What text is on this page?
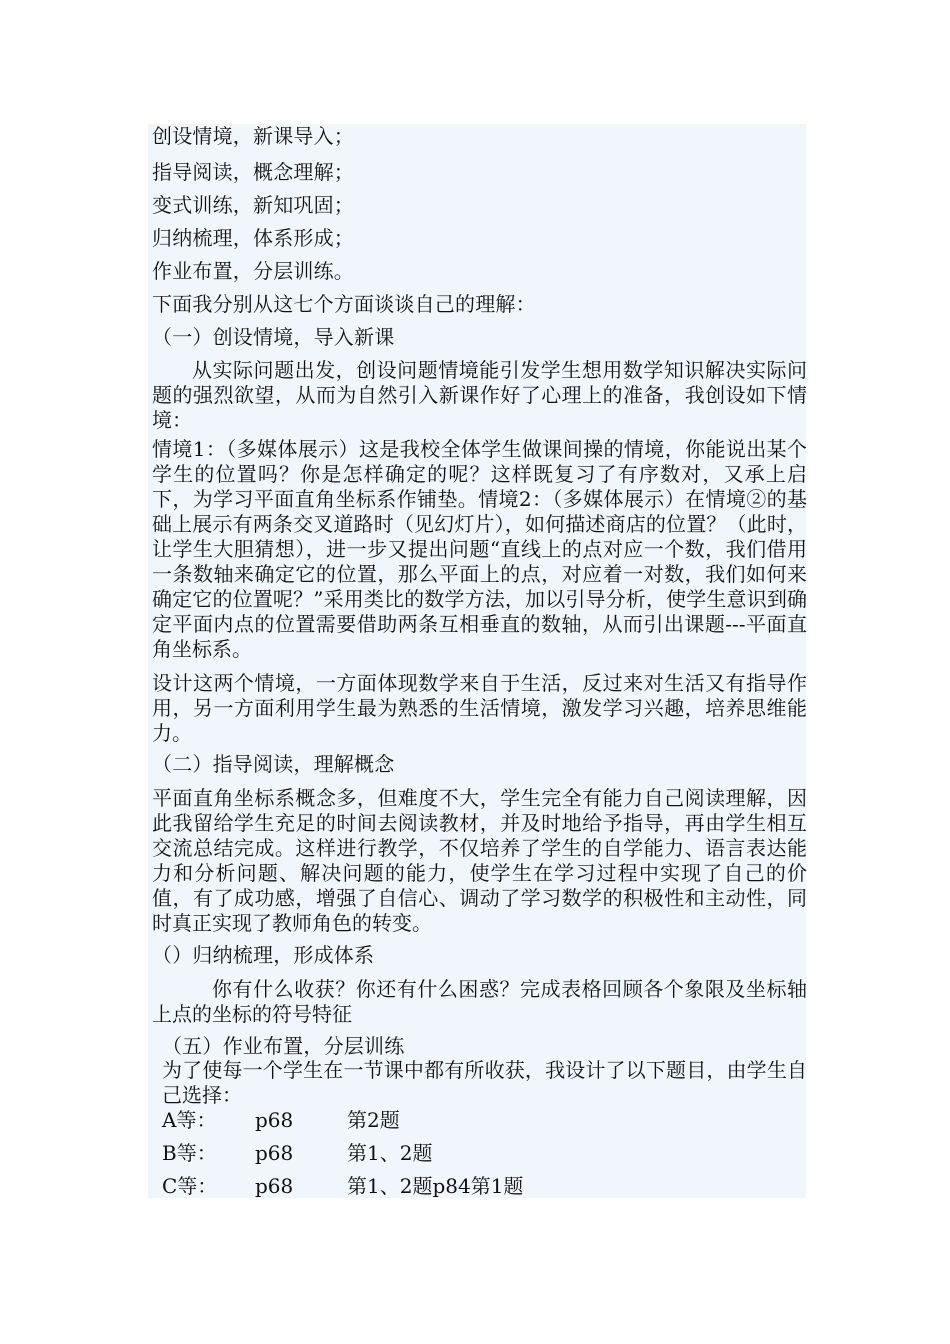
创设情境，新课导入；
指导阅读，概念理解；
变式训练，新知巩固；
归纳梳理，体系形成；
作业布置，分层训练。
下面我分别从这七个方面谈谈自己的理解：
（一）创设情境，导入新课
从实际问题出发，创设问题情境能引发学生想用数学知识解决实际问题的强烈欲望，从而为自然引入新课作好了心理上的准备，我创设如下情境：
情境1：（多媒体展示）这是我校全体学生做课间操的情境，你能说出某个学生的位置吗？你是怎样确定的呢？这样既复习了有序数对，又承上启下，为学习平面直角坐标系作铺垫。情境2：（多媒体展示）在情境②的基础上展示有两条交叉道路时（见幻灯片），如何描述商店的位置？（此时，让学生大胆猜想），进一步又提出问题“直线上的点对应一个数，我们借用一条数轴来确定它的位置，那么平面上的点，对应着一对数，我们如何来确定它的位置呢？”采用类比的数学方法，加以引导分析，使学生意识到确定平面内点的位置需要借助两条互相垂直的数轴，从而引出课题---平面直角坐标系。
设计这两个情境，一方面体现数学来自于生活，反过来对生活又有指导作用，另一方面利用学生最为熟悉的生活情境，激发学习兴趣，培养思维能力。
（二）指导阅读，理解概念
平面直角坐标系概念多，但难度不大，学生完全有能力自己阅读理解，因此我留给学生充足的时间去阅读教材，并及时地给予指导，再由学生相互交流总结完成。这样进行教学，不仅培养了学生的自学能力、语言表达能力和分析问题、解决问题的能力，使学生在学习过程中实现了自己的价值，有了成功感，增强了自信心、调动了学习数学的积极性和主动性，同时真正实现了教师角色的转变。
（）归纳梳理，形成体系
你有什么收获？你还有什么困惑？完成表格回顾各个象限及坐标轴上点的坐标的符号特征
（五）作业布置，分层训练
为了使每一个学生在一节课中都有所收获，我设计了以下题目，由学生自己选择：
A等： p68	第2题
B等： p68	第1、2题
C等： p68	第1、2题p84第1题
